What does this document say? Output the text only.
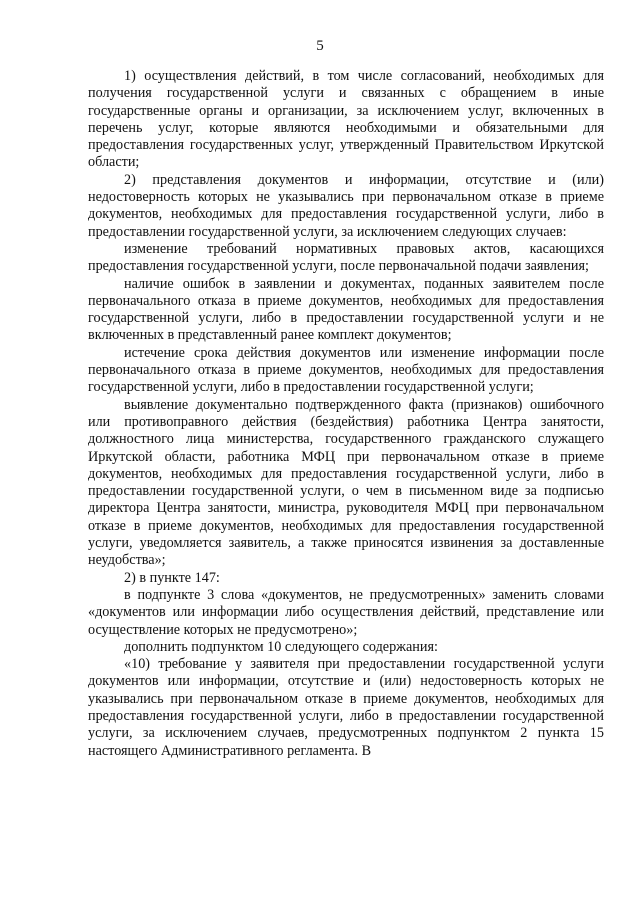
5

1) осуществления действий, в том числе согласований, необходимых для получения государственной услуги и связанных с обращением в иные государственные органы и организации, за исключением услуг, включенных в перечень услуг, которые являются необходимыми и обязательными для предоставления государственных услуг, утвержденный Правительством Иркутской области;

2) представления документов и информации, отсутствие и (или) недостоверность которых не указывались при первоначальном отказе в приеме документов, необходимых для предоставления государственной услуги, либо в предоставлении государственной услуги, за исключением следующих случаев:

изменение требований нормативных правовых актов, касающихся предоставления государственной услуги, после первоначальной подачи заявления;

наличие ошибок в заявлении и документах, поданных заявителем после первоначального отказа в приеме документов, необходимых для предоставления государственной услуги, либо в предоставлении государственной услуги и не включенных в представленный ранее комплект документов;

истечение срока действия документов или изменение информации после первоначального отказа в приеме документов, необходимых для предоставления государственной услуги, либо в предоставлении государственной услуги;

выявление документально подтвержденного факта (признаков) ошибочного или противоправного действия (бездействия) работника Центра занятости, должностного лица министерства, государственного гражданского служащего Иркутской области, работника МФЦ при первоначальном отказе в приеме документов, необходимых для предоставления государственной услуги, либо в предоставлении государственной услуги, о чем в письменном виде за подписью директора Центра занятости, министра, руководителя МФЦ при первоначальном отказе в приеме документов, необходимых для предоставления государственной услуги, уведомляется заявитель, а также приносятся извинения за доставленные неудобства»;

2) в пункте 147:

в подпункте 3 слова «документов, не предусмотренных» заменить словами «документов или информации либо осуществления действий, представление или осуществление которых не предусмотрено»;

дополнить подпунктом 10 следующего содержания:

«10) требование у заявителя при предоставлении государственной услуги документов или информации, отсутствие и (или) недостоверность которых не указывались при первоначальном отказе в приеме документов, необходимых для предоставления государственной услуги, либо в предоставлении государственной услуги, за исключением случаев, предусмотренных подпунктом 2 пункта 15 настоящего Административного регламента. В
